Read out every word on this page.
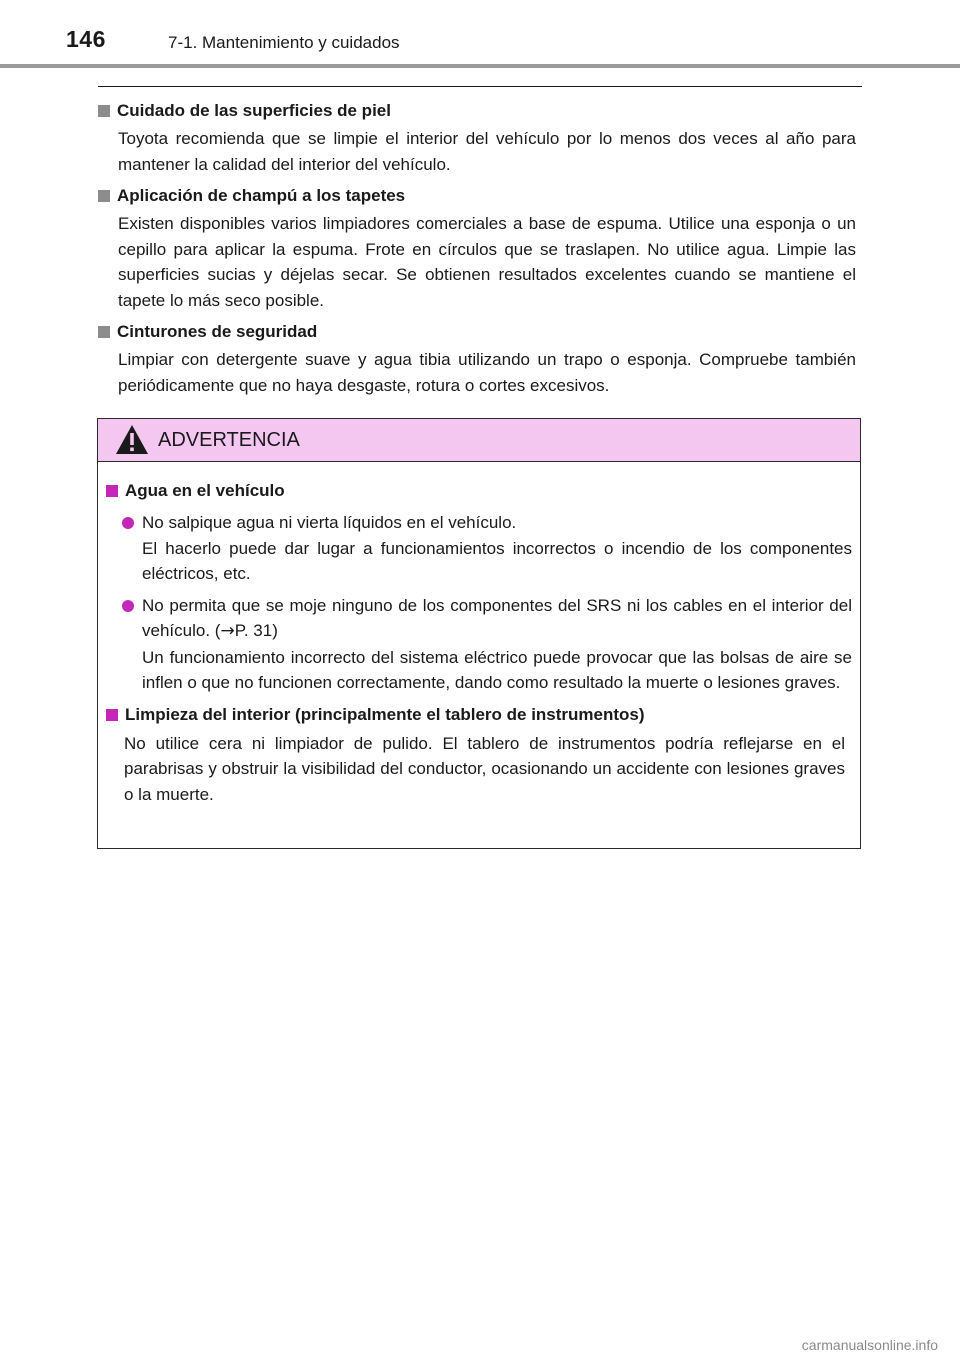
146	7-1. Mantenimiento y cuidados
Cuidado de las superficies de piel
Toyota recomienda que se limpie el interior del vehículo por lo menos dos veces al año para mantener la calidad del interior del vehículo.
Aplicación de champú a los tapetes
Existen disponibles varios limpiadores comerciales a base de espuma. Utilice una esponja o un cepillo para aplicar la espuma. Frote en círculos que se traslapen. No utilice agua. Limpie las superficies sucias y déjelas secar. Se obtienen resultados excelentes cuando se mantiene el tapete lo más seco posible.
Cinturones de seguridad
Limpiar con detergente suave y agua tibia utilizando un trapo o esponja. Compruebe también periódicamente que no haya desgaste, rotura o cortes excesivos.
ADVERTENCIA
Agua en el vehículo
No salpique agua ni vierta líquidos en el vehículo.
El hacerlo puede dar lugar a funcionamientos incorrectos o incendio de los componentes eléctricos, etc.
No permita que se moje ninguno de los componentes del SRS ni los cables en el interior del vehículo. (→P. 31)
Un funcionamiento incorrecto del sistema eléctrico puede provocar que las bolsas de aire se inflen o que no funcionen correctamente, dando como resultado la muerte o lesiones graves.
Limpieza del interior (principalmente el tablero de instrumentos)
No utilice cera ni limpiador de pulido. El tablero de instrumentos podría reflejarse en el parabrisas y obstruir la visibilidad del conductor, ocasionando un accidente con lesiones graves o la muerte.
carmanualsonline.info
